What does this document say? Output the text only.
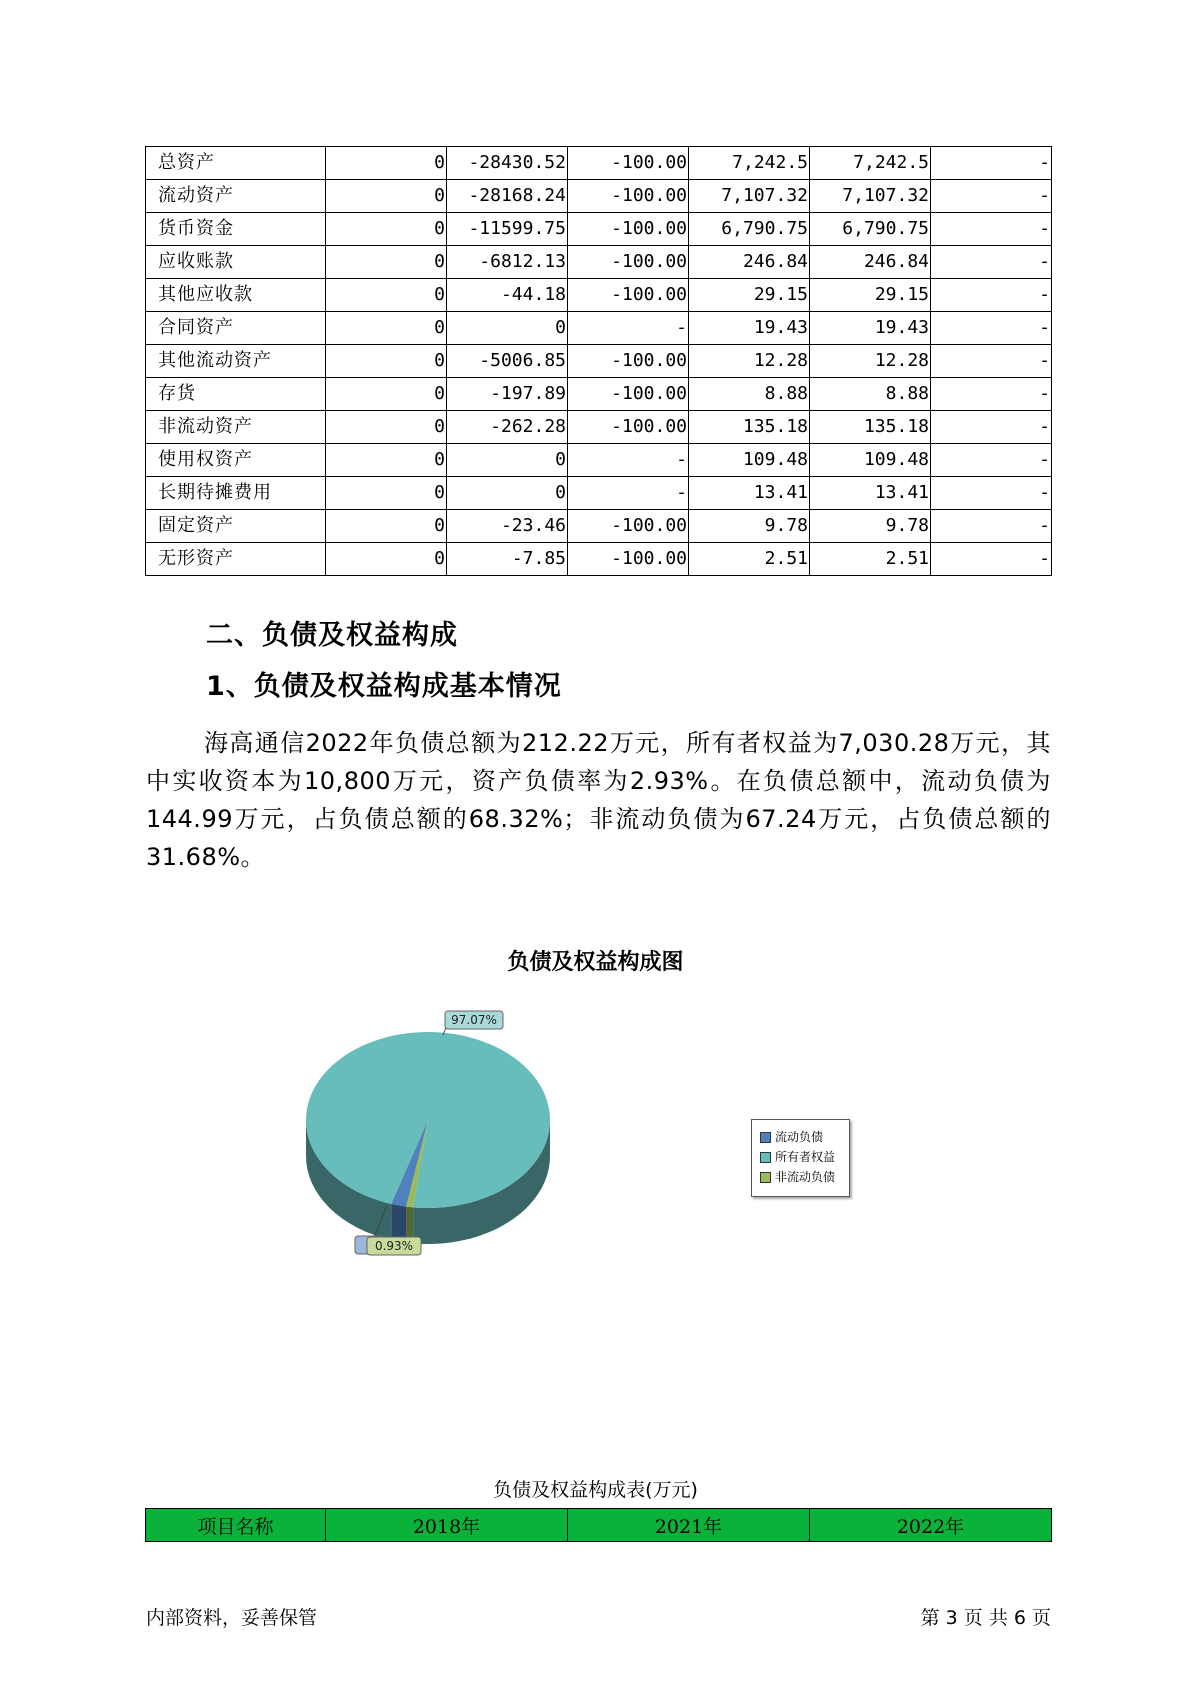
总资产	0	-28430.52	-100.00	7,242.5	7,242.5	-
流动资产	0	-28168.24	-100.00	7,107.32	7,107.32	-
货币资金	0	-11599.75	-100.00	6,790.75	6,790.75	-
应收账款	0	-6812.13	-100.00	246.84	246.84	-
其他应收款	0	-44.18	-100.00	29.15	29.15	-
合同资产	0	0	-	19.43	19.43	-
其他流动资产	0	-5006.85	-100.00	12.28	12.28	-
存货	0	-197.89	-100.00	8.88	8.88	-
非流动资产	0	-262.28	-100.00	135.18	135.18	-
使用权资产	0	0	-	109.48	109.48	-
长期待摊费用	0	0	-	13.41	13.41	-
固定资产	0	-23.46	-100.00	9.78	9.78	-
无形资产	0	-7.85	-100.00	2.51	2.51	-
二、负债及权益构成
1、负债及权益构成基本情况

海高通信2022年负债总额为212.22万元，所有者权益为7,030.28万元，其中实收资本为10,800万元，资产负债率为2.93%。在负债总额中，流动负债为144.99万元，占负债总额的68.32%；非流动负债为67.24万元，占负债总额的31.68%。

负债及权益构成图
97.07%
0.93%
流动负债
所有者权益
非流动负债
负债及权益构成表(万元)
项目名称	2018年	2021年	2022年
内部资料，妥善保管	第 3 页 共 6 页
